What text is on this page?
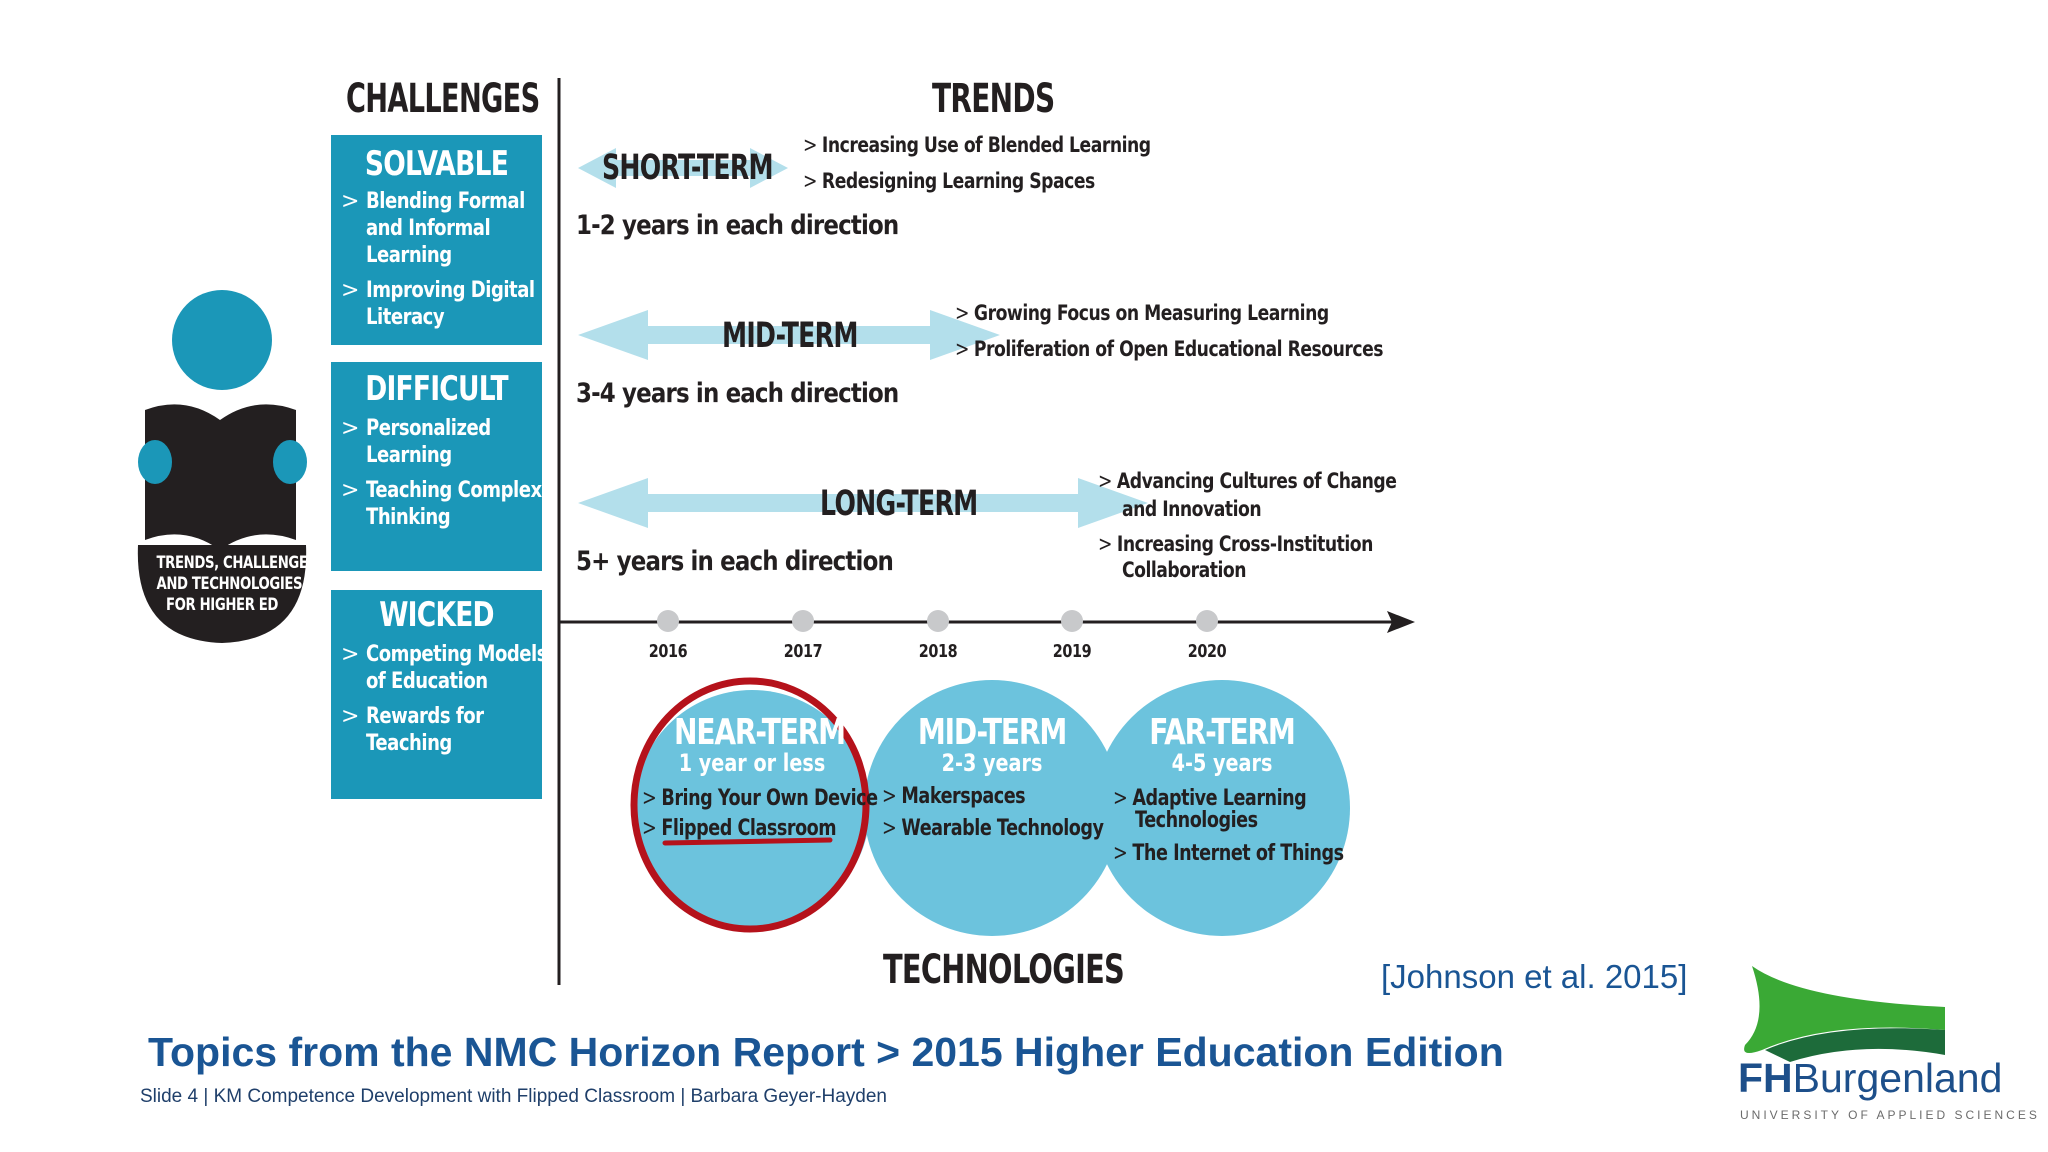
TRENDS, CHALLENGES,
AND TECHNOLOGIES
FOR HIGHER ED
CHALLENGES
SOLVABLE
> Blending Formal
and Informal
Learning
> Improving Digital
Literacy
DIFFICULT
> Personalized
Learning
> Teaching Complex
Thinking
WICKED
> Competing Models
of Education
> Rewards for
Teaching
TRENDS
SHORT-TERM
> Increasing Use of Blended Learning
> Redesigning Learning Spaces
1-2 years in each direction
MID-TERM
> Growing Focus on Measuring Learning
> Proliferation of Open Educational Resources
3-4 years in each direction
LONG-TERM
> Advancing Cultures of Change
and Innovation
> Increasing Cross-Institution
Collaboration
5+ years in each direction
2016	2017	2018	2019	2020
NEAR-TERM
1 year or less
> Bring Your Own Device
> Flipped Classroom
MID-TERM
2-3 years
> Makerspaces
> Wearable Technology
FAR-TERM
4-5 years
> Adaptive Learning
Technologies
> The Internet of Things
TECHNOLOGIES	[Johnson et al. 2015]
Topics from the NMC Horizon Report > 2015 Higher Education Edition
Slide 4 | KM Competence Development with Flipped Classroom | Barbara Geyer-Hayden	FHBurgenland
UNIVERSITY OF APPLIED SCIENCES
